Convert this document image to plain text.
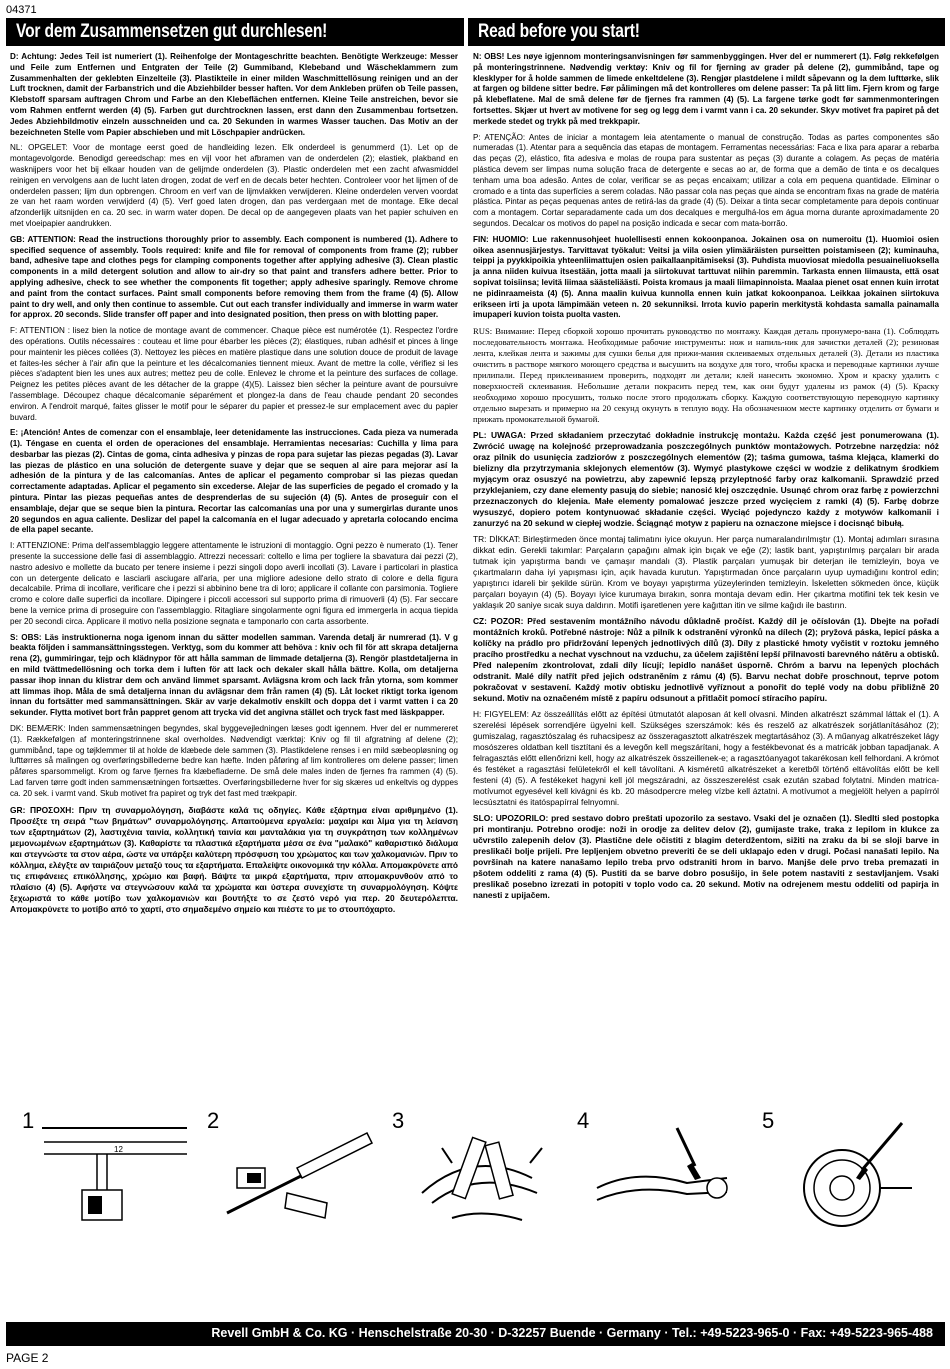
04371
Vor dem Zusammensetzen gut durchlesen!	Read before you start!

D: Achtung: Jedes Teil ist numeriert (1). Reihenfolge der Montageschritte beachten. Benötigte Werkzeuge: Messer und Feile zum Entfernen und Entgraten der Teile (2) Gummiband, Klebeband und Wäscheklammern zum Zusammenhalten der geklebten Einzelteile (3). Plastikteile in einer milden Waschmittellösung reinigen und an der Luft trocknen, damit der Farbanstrich und die Abziehbilder besser haften. Vor dem Ankleben prüfen ob Teile passen, Klebstoff sparsam auftragen Chrom und Farbe an den Klebeflächen entfernen. Kleine Teile anstreichen, bevor sie vom Rahmen entfernt werden (4) (5). Farben gut durchtrocknen lassen, erst dann den Zusammenbau fortsetzen. Jedes Abziehbildmotiv einzeln ausschneiden und ca. 20 Sekunden in warmes Wasser tauchen. Das Motiv an der bezeichneten Stelle vom Papier abschieben und mit Löschpapier andrücken.

NL: OPGELET: Voor de montage eerst goed de handleiding lezen. Elk onderdeel is genummerd (1). Let op de montagevolgorde. Benodigd gereedschap: mes en vijl voor het afbramen van de onderdelen (2); elastiek, plakband en wasknijpers voor het bij elkaar houden van de gelijmde onderdelen (3). Plastic onderdelen met een zacht afwasmiddel reinigen en vervolgens aan de lucht laten drogen, zodat de verf en de decals beter hechten. Controleer voor het lijmen of de onderdelen passen; lijm dun opbrengen. Chroom en verf van de lijmvlakken verwijderen. Kleine onderdelen verven voordat ze van het raam worden verwijderd (4) (5). Verf goed laten drogen, dan pas verdergaan met de montage. Elke decal afzonderlijk uitsnijden en ca. 20 sec. in warm water dopen. De decal op de aangegeven plaats van het papier schuiven en met vloeipapier aandrukken.

GB: ATTENTION: Read the instructions thoroughly prior to assembly. Each component is numbered (1). Adhere to specified sequence of assembly. Tools required: knife and file for removal of components from frame (2); rubber band, adhesive tape and clothes pegs for clamping components together after applying adhesive (3). Clean plastic components in a mild detergent solution and allow to air-dry so that paint and transfers adhere better. Prior to applying adhesive, check to see whether the components fit together; apply adhesive sparingly. Remove chrome and paint from the contact surfaces. Paint small components before removing them from the frame (4) (5). Allow paint to dry well, and only then continue to assemble. Cut out each transfer individually and immerse in warm water for approx. 20 seconds. Slide transfer off paper and into designated position, then press on with blotting paper.

F: ATTENTION : lisez bien la notice de montage avant de commencer. Chaque pièce est numérotée (1). Respectez l'ordre des opérations. Outils nécessaires : couteau et lime pour ébarber les pièces (2); élastiques, ruban adhésif et pinces à linge pour maintenir les pièces collées (3). Nettoyez les pièces en matière plastique dans une solution douce de produit de lavage et faites-les sécher à l'air afin que la peinture et les décalcomanies tiennent mieux. Avant de mettre la colle, vérifiez si les pièces s'adaptent bien les unes aux autres; mettez peu de colle. Enlevez le chrome et la peinture des surfaces de collage. Peignez les petites pièces avant de les détacher de la grappe (4)(5). Laissez bien sécher la peinture avant de poursuivre l'assemblage. Découpez chaque décalcomanie séparément et plongez-la dans de l'eau chaude pendant 20 secondes environ. A l'endroit marqué, faites glisser le motif pour le séparer du papier et pressez-le sur emplacement avec du papier buvard.

E: ¡Atención! Antes de comenzar con el ensamblaje, leer detenidamente las instrucciones. Cada pieza va numerada (1). Téngase en cuenta el orden de operaciones del ensamblaje. Herramientas necesarias: Cuchilla y lima para desbarbar las piezas (2). Cintas de goma, cinta adhesiva y pinzas de ropa para sujetar las piezas pegadas (3). Lavar las piezas de plástico en una solución de detergente suave y dejar que se sequen al aire para mejorar así la adhesión de la pintura y de las calcomanías. Antes de aplicar el pegamento comprobar si las piezas quedan correctamente adaptadas. Aplicar el pegamento sin excederse. Alejar de las superficies de pegado el cromado y la pintura. Pintar las piezas pequeñas antes de desprenderlas de su sujeción (4) (5). Antes de proseguir con el ensamblaje, dejar que se seque bien la pintura. Recortar las calcomanías una por una y sumergirlas durante unos 20 segundos en agua caliente. Deslizar del papel la calcomanía en el lugar adecuado y apretarla colocando encima de ella papel secante.

I: ATTENZIONE: Prima dell'assemblaggio leggere attentamente le istruzioni di montaggio. Ogni pezzo è numerato (1). Tener presente la successione delle fasi di assemblaggio. Attrezzi necessari: coltello e lima per togliere la sbavatura dai pezzi (2), nastro adesivo e mollette da bucato per tenere insieme i pezzi singoli dopo averli incollati (3). Lavare i particolari in plastica con un detergente delicato e lasciarli asciugare all'aria, per una migliore adesione dello strato di colore e della figura decalcabile. Prima di incollare, verificare che i pezzi si abbinino bene tra di loro; applicare il collante con parsimonia. Togliere cromo e colore dalle superfici da incollare. Dipingere i piccoli accessori sul supporto prima di rimuoverli (4) (5). Far seccare bene la vernice prima di proseguire con l'assemblaggio. Ritagliare singolarmente ogni figura ed immergerla in acqua tiepida per 20 secondi circa. Applicare il motivo nella posizione segnata e tamponarlo con carta assorbente.

S: OBS: Läs instruktionerna noga igenom innan du sätter modellen samman. Varenda detalj är numrerad (1). V g beakta följden i sammansättningsstegen. Verktyg, som du kommer att behöva : kniv och fil för att skrapa detaljerna rena (2), gummiringar, tejp och klädnypor för att hålla samman de limmade detaljerna (3). Rengör plastdetaljerna in en mild tvättmedellösning och torka dem i luften för att lack och dekaler skall hålla bättre. Kolla, om detaljerna passar ihop innan du klistrar dem och använd limmet sparsamt. Avlägsna krom och lack från ytorna, som kommer att limmas ihop. Måla de små detaljerna innan du avlägsnar dem från ramen (4) (5). Låt locket riktigt torka igenom innan du fortsätter med sammansättningen. Skär av varje dekalmotiv enskilt och doppa det i varmt vatten i ca 20 sekunder. Flytta motivet bort från pappret genom att trycka vid det angivna stället och tryck fast med läskpapper.

DK: BEMÆRK: Inden sammensætningen begyndes, skal byggevejledningen læses godt igennem. Hver del er nummereret (1). Rækkefølgen af monteringstrinnene skal overholdes. Nødvendigt værktøj: Kniv og fil til afgratning af delene (2); gummibånd, tape og tøjklemmer til at holde de klæbede dele sammen (3). Plastikdelene renses i en mild sæbeopløsning og lufttørres så malingen og overføringsbillederne bedre kan hæfte. Inden påføring af lim kontrolleres om delene passer; limen påføres sparsommeligt. Krom og farve fjernes fra klæbefladerne. De små dele males inden de fjernes fra rammen (4) (5). Lad farven tørre godt inden sammensætningen fortsættes. Overføringsbillederne hver for sig skæres ud enkeltvis og dyppes ca. 20 sek. i varmt vand. Skub motivet fra papiret og tryk det fast med trækpapir.

GR: ΠΡΟΣΟΧΗ: Πριν τη συναρμολόγηση, διαβάστε καλά τις οδηγίες. Κάθε εξάρτημα είναι αριθμημένο (1). Προσέξτε τη σειρά "των βημάτων" συναρμολόγησης. Απαιτούμενα εργαλεία: μαχαίρι και λίμα για τη λείανση των εξαρτημάτων (2), λαστιχένια ταινία, κολλητική ταινία και μανταλάκια για τη συγκράτηση των κολλημένων μεμονωμένων εξαρτημάτων (3). Καθαρίστε τα πλαστικά εξαρτήματα μέσα σε ένα "μαλακό" καθαριστικό διάλυμα και στεγνώστε τα στον αέρα, ώστε να υπάρξει καλύτερη πρόσφυση του χρώματος και των χαλκομανιών. Πριν το κόλλημα, ελέγξτε αν ταιριάζουν μεταξύ τους τα εξαρτήματα. Επαλείψτε οικονομικά την κόλλα. Απομακρύνετε από τις επιφάνειες επικόλλησης, χρώμιο και βαφή. Βάψτε τα μικρά εξαρτήματα, πριν απομακρυνθούν από το πλαίσιο (4) (5). Αφήστε να στεγνώσουν καλά τα χρώματα και ύστερα συνεχίστε τη συναρμολόγηση. Κόψτε ξεχωριστά το κάθε μοτίβο των χαλκομανιών και βουτήξτε το σε ζεστό νερό για περ. 20 δευτερόλεπτα. Απομακρύνετε το μοτίβο από το χαρτί, στο σημαδεμένο σημείο και πιέστε το με το στουπόχαρτο.

N: OBS! Les nøye igjennom monteringsanvisningen før sammenbyggingen. Hver del er nummerert (1). Følg rekkefølgen på monteringstrinnene. Nødvendig verktøy: Kniv og fil for fjerning av grader på delene (2), gummibånd, tape og klesklyper for å holde sammen de limede enkeltdelene (3). Rengjør plastdelene i mildt såpevann og la dem lufttørke, slik at fargen og bildene sitter bedre. Før pålimingen må det kontrolleres om delene passer: Ta på litt lim. Fjern krom og farge på klebeflatene. Mal de små delene før de fjernes fra rammen (4) (5). La fargene tørke godt før sammenmonteringen fortsettes. Skjær ut hvert av motivene for seg og legg dem i varmt vann i ca. 20 sekunder. Skyv motivet fra papiret på det merkede stedet og trykk på med trekkpapir.

P: ATENÇÃO: Antes de iniciar a montagem leia atentamente o manual de construção. Todas as partes componentes são numeradas (1). Atentar para a sequência das etapas de montagem. Ferramentas necessárias: Faca e lixa para aparar a rebarba das peças (2), elástico, fita adesiva e molas de roupa para sustentar as peças (3) durante a colagem. As peças de matéria plástica devem ser limpas numa solução fraca de detergente e secas ao ar, de forma que a demão de tinta e os decalques tenham uma boa adesão. Antes de colar, verificar se as peças encaixam; utilizar a cola em pequena quantidade. Eliminar o cromado e a tinta das superfícies a serem coladas. Não passar cola nas peças que ainda se encontram fixas na grade de matéria plástica. Pintar as peças pequenas antes de retirá-las da grade (4) (5). Deixar a tinta secar completamente para depois continuar com a montagem. Cortar separadamente cada um dos decalques e mergulhá-los em água morna durante aproximadamente 20 segundos. Decalcar os motivos do papel na posição indicada e secar com mata-borrão.

FIN: HUOMIO: Lue rakennusohjeet huolellisesti ennen kokoonpanoa. Jokainen osa on numeroitu (1). Huomioi osien oikea asennusjärjestys. Tarvittavat työkalut: Veitsi ja viila osien ylimääräisten purseitten poistamiseen (2); kuminauha, teippi ja pyykkipoikia yhteenliimattujen osien paikallaanpitämiseksi (3). Puhdista muoviosat miedolla pesuaineliuoksella ja anna niiden kuivua itsestään, jotta maali ja siirtokuvat tarttuvat niihin paremmin. Tarkasta ennen liimausta, että osat sopivat toisiinsa; levitä liimaa säästeliäästi. Poista kromaus ja maali liimapinnoista. Maalaa pienet osat ennen kuin irrotat ne pidinraameista (4) (5). Anna maalin kuivua kunnolla ennen kuin jatkat kokoonpanoa. Leikkaa jokainen siirtokuva erikseen irti ja upota lämpimään veteen n. 20 sekunniksi. Irrota kuvio paperin merkitystä kohdasta samalla painamalla imupaperi kuvion toista puolta vasten.

RUS: Внимание: Перед сборкой хорошо прочитать руководство по монтажу. Каждая деталь пронумеро-вана (1). Соблюдать последовательность монтажа. Необходимые рабочие инструменты: нож и напиль-ник для зачистки деталей (2); резиновая лента, клейкая лента и зажимы для сушки белья для прижи-мания склеиваемых отдельных деталей (3). Детали из пластика очистить в растворе мягкого моющего средства и высушить на воздухе для того, чтобы краска и переводные картинки лучше прилипали. Перед приклеиванием проверить, подходят ли детали; клей нанесить экономно. Хром и краску удалить с поверхностей склеивания. Небольшие детали покрасить перед тем, как они будут удалены из рамок (4) (5). Краску необходимо хорошо просушить, только после этого продолжать сборку. Каждую соответствующую переводную картинку отдельно вырезать и примерно на 20 секунд окунуть в теплую воду. На обозначенном месте картинку отделить от бумаги и прижать промокательной бумагой.

PL: UWAGA: Przed składaniem przeczytać dokładnie instrukcję montażu. Każda część jest ponumerowana (1). Zwrócić uwagę na kolejność przeprowadzania poszczególnych punktów montażowych. Potrzebne narzędzia: nóż oraz pilnik do usunięcia zadziorów z poszczególnych elementów (2); taśma gumowa, taśma klejąca, klamerki do bielizny dla przytrzymania sklejonych elementów (3). Wymyć plastykowe części w wodzie z delikatnym środkiem myjącym oraz osuszyć na powietrzu, aby zapewnić lepszą przyleptność farby oraz kalkomanii. Sprawdzić przed przyklejaniem, czy dane elementy pasują do siebie; nanosić klej oszczędnie. Usunąć chrom oraz farbę z powierzchni przeznaczonych do klejenia. Małe elementy pomalować jeszcze przed wycięciem z ramki (4) (5). Farbę dobrze wysuszyć, dopiero potem kontynuować składanie części. Wyciąć pojedynczo każdy z motywów kalkomanii i zanurzyć na 20 sekund w ciepłej wodzie. Ściągnąć motyw z papieru na oznaczone miejsce i docisnąć bibułą.

TR: DİKKAT: Birleştirmeden önce montaj talimatını iyice okuyun. Her parça numaralandırılmıştır (1). Montaj adımları sırasına dikkat edin. Gerekli takımlar: Parçaların çapağını almak için bıçak ve eğe (2); lastik bant, yapıştırılmış parçaları bir arada tutmak için yapıştırma bandı ve çamaşır mandalı (3). Plastik parçaları yumuşak bir deterjan ile temizleyin, boya ve çıkartmaların daha iyi yapışması için, açık havada kurutun. Yapıştırmadan önce parçaların uyup uymadığını kontrol edin; yapıştırıcı idareli bir şekilde sürün. Krom ve boyayı yapıştırma yüzeylerinden temizleyin. İskeletten sökmeden önce, küçük parçaları boyayın (4) (5). Boyayı iyice kurumaya bırakın, sonra montaja devam edin. Her çıkartma motifini tek tek kesin ve yaklaşık 20 saniye sıcak suya daldırın. Motifi işaretlenen yere kağıttan itin ve silme kağıdı ile bastırın.

CZ: POZOR: Před sestavením montážního návodu důkladně pročíst. Každý díl je očíslován (1). Dbejte na pořadí montážních kroků. Potřebné nástroje: Nůž a pilník k odstranění výronků na dílech (2); pryžová páska, lepicí páska a kolíčky na prádlo pro přidržování lepených jednotlivých dílů (3). Díly z plastické hmoty vyčistit v roztoku jemného pracího prostředku a nechat vyschnout na vzduchu, za účelem zajištění lepší přilnavosti barevného nátěru a obtisků. Před nalepením zkontrolovat, zdali díly lícují; lepidlo nanášet úsporně. Chróm a barvu na lepených plochách odstranit. Malé díly natřít před jejich odstraněním z rámu (4) (5). Barvu nechat dobře proschnout, teprve potom pokračovat v sestavení. Každý motiv obtisku jednotlivě vyříznout a ponořit do teplé vody na dobu přibližně 20 sekund. Motiv na označeném místě z papíru odsunout a přitlačit pomocí stíracího papíru.

H: FIGYELEM: Az összeállítás előtt az építési útmutatót alaposan át kell olvasni. Minden alkatrészt számmal láttak el (1). A szerelési lépések sorrendjére ügyelni kell. Szükséges szerszámok: kés és reszelő az alkatrészek sorjátlanításához (2); gumiszalag, ragasztószalag és ruhacsipesz az összeragasztott alkatrészek megtartásához (3). A műanyag alkatrészeket lágy mosószeres oldatban kell tisztítani és a levegőn kell megszárítani, hogy a festékbevonat és a matricák jobban tapadjanak. A felragasztás előtt ellenőrizni kell, hogy az alkatrészek összeillenek-e; a ragasztóanyagot takarékosan kell felhordani. A krómot és festéket a ragasztási felületekről el kell távolítani. A kisméretű alkatrészeket a keretből történő eltávolítás előtt be kell festeni (4) (5). A festékeket hagyni kell jól megszáradni, az összeszerelést csak ezután szabad folytatni. Minden matrica-motívumot egyesével kell kivágni és kb. 20 másodpercre meleg vízbe kell áztatni. A motívumot a megjelölt helyen a papírról lecsúsztatni és itatóspapírral felnyomni.

SLO: UPOZORILO: pred sestavo dobro preštati upozorilo za sestavo. Vsaki del je označen (1). Sledlti sled postopka pri montiranju. Potrebno orodje: noži in orodje za delitev delov (2), gumijaste trake, traka z lepilom in klukce za učvrstilo zalepenih delov (3). Plastične dele očistiti z blagim deterdžentom, sižiti na zraku da bi se sloji barve in preslikači bolje prijeli. Pre lepljenjem obvetno preveriti če se deli uklapajo eden v drugi. Počasi nanašati lepilo. Na površinah na katere nanašamo lepilo treba prvo odstraniti hrom in barvo. Manjše dele prvo treba premazati in pšotem oddeliti z rama (4) (5). Pustiti da se barve dobro posušijo, in šele potem nastaviti z sestavljanjem. Vsaki preslikač posebno izrezati in potopiti v toplo vodo ca. 20 sekund. Motiv na odrejenem mestu oddeliti od papirja in nanesti z upijačem.

1
12
2	3	4	5
Revell GmbH & Co. KG · Henschelstraße 20-30 · D-32257 Buende · Germany · Tel.: +49-5223-965-0 · Fax: +49-5223-965-488
PAGE 2
